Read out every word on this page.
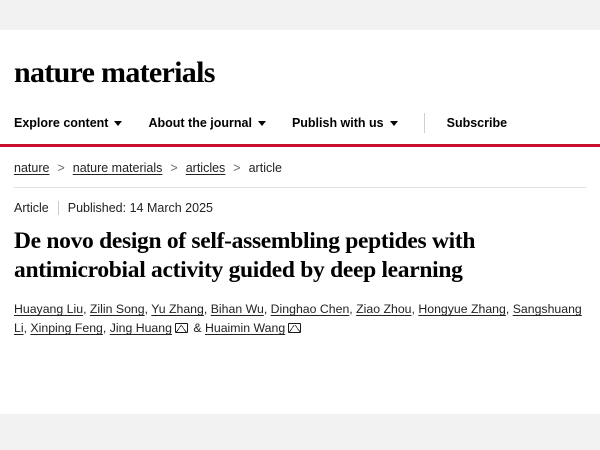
nature materials
Explore content	About the journal	Publish with us	Subscribe
nature > nature materials > articles > article
Article Published: 14 March 2025
De novo design of self-assembling peptides with antimicrobial activity guided by deep learning
Huayang Liu, Zilin Song, Yu Zhang, Bihan Wu, Dinghao Chen, Ziao Zhou, Hongyue Zhang, Sangshuang Li, Xinping Feng, Jing Huang & Huaimin Wang
